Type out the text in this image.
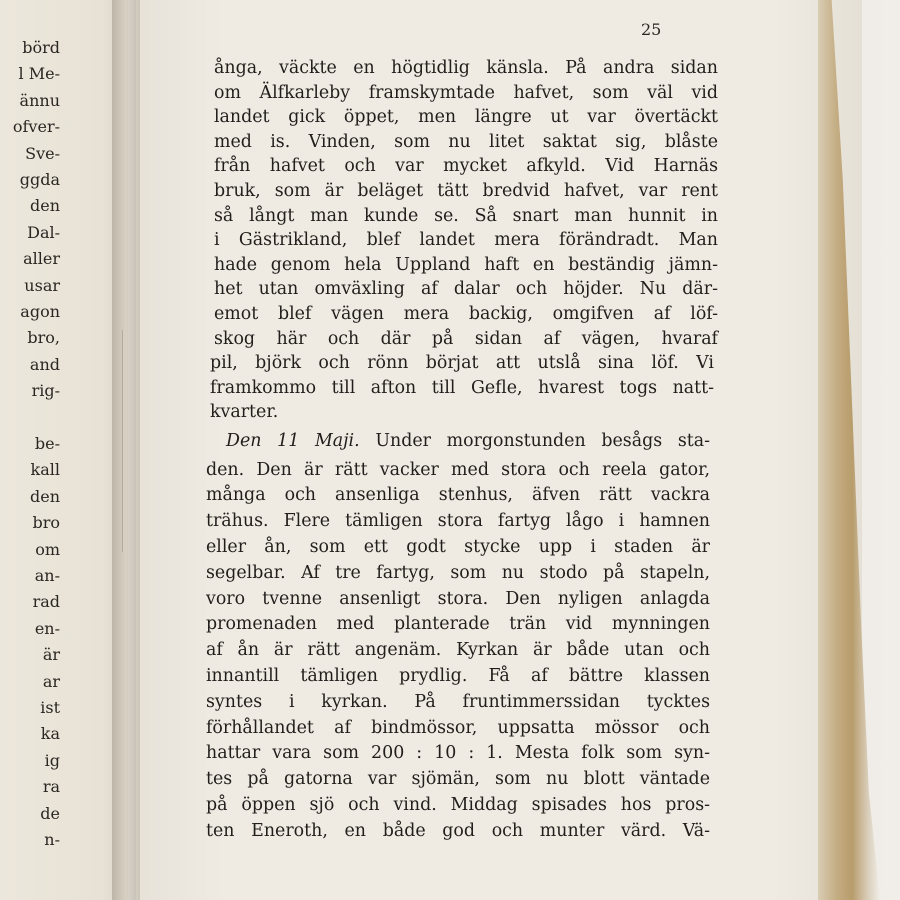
börd
l Me-
ännu
ofver-
Sve-
ggda
den
Dal-
aller
usar
agon
bro,
and
rig-
be-
kall
den
bro
om
an-
rad
en-
är
ar
ist
ka
ig
ra
de
n-
25
ånga, väckte en högtidlig känsla. På andra sidan
om Älfkarleby framskymtade hafvet, som väl vid
landet gick öppet, men längre ut var övertäckt
med is. Vinden, som nu litet saktat sig, blåste
från hafvet och var mycket afkyld. Vid Harnäs
bruk, som är beläget tätt bredvid hafvet, var rent
så långt man kunde se. Så snart man hunnit in
i Gästrikland, blef landet mera förändradt. Man
hade genom hela Uppland haft en beständig jämn-
het utan omväxling af dalar och höjder. Nu där-
emot blef vägen mera backig, omgifven af löf-
skog här och där på sidan af vägen, hvaraf
pil, björk och rönn börjat att utslå sina löf. Vi
framkommo till afton till Gefle, hvarest togs natt-
kvarter.
Den 11 Maji. Under morgonstunden besågs sta-
den. Den är rätt vacker med stora och reela gator,
många och ansenliga stenhus, äfven rätt vackra
trähus. Flere tämligen stora fartyg lågo i hamnen
eller ån, som ett godt stycke upp i staden är
segelbar. Af tre fartyg, som nu stodo på stapeln,
voro tvenne ansenligt stora. Den nyligen anlagda
promenaden med planterade trän vid mynningen
af ån är rätt angenäm. Kyrkan är både utan och
innantill tämligen prydlig. Få af bättre klassen
syntes i kyrkan. På fruntimmerssidan tycktes
förhållandet af bindmössor, uppsatta mössor och
hattar vara som 200 : 10 : 1. Mesta folk som syn-
tes på gatorna var sjömän, som nu blott väntade
på öppen sjö och vind. Middag spisades hos pros-
ten Eneroth, en både god och munter värd. Vä-
